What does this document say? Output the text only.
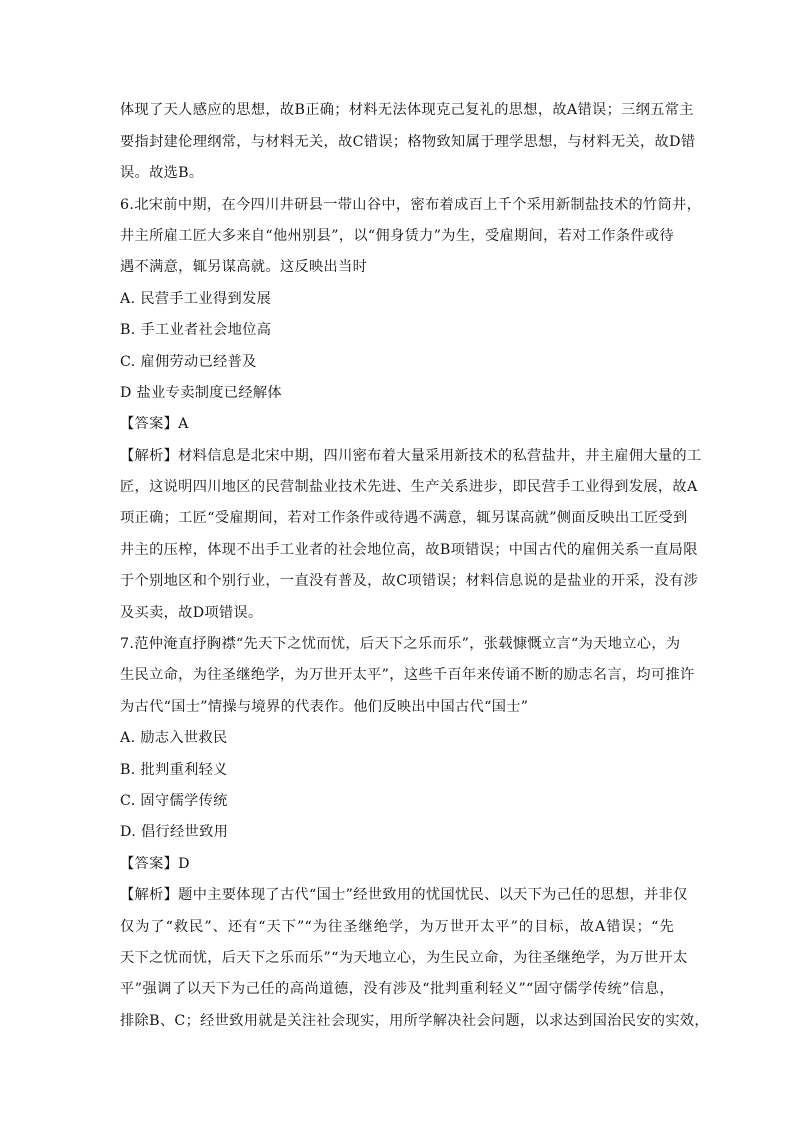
体现了天人感应的思想，故B正确；材料无法体现克己复礼的思想，故A错误；三纲五常主
要指封建伦理纲常，与材料无关，故C错误；格物致知属于理学思想，与材料无关，故D错
误。故选B。
6.北宋前中期，在今四川井研县一带山谷中，密布着成百上千个采用新制盐技术的竹筒井，
井主所雇工匠大多来自“他州别县”，以“佣身赁力”为生，受雇期间，若对工作条件或待
遇不满意，辄另谋高就。这反映出当时
A. 民营手工业得到发展
B. 手工业者社会地位高
C. 雇佣劳动已经普及
D 盐业专卖制度已经解体
【答案】A
【解析】材料信息是北宋中期，四川密布着大量采用新技术的私营盐井，井主雇佣大量的工
匠，这说明四川地区的民营制盐业技术先进、生产关系进步，即民营手工业得到发展，故A
项正确；工匠“受雇期间，若对工作条件或待遇不满意，辄另谋高就”侧面反映出工匠受到
井主的压榨，体现不出手工业者的社会地位高，故B项错误；中国古代的雇佣关系一直局限
于个别地区和个别行业，一直没有普及，故C项错误；材料信息说的是盐业的开采，没有涉
及买卖，故D项错误。
7.范仲淹直抒胸襟“先天下之忧而忧，后天下之乐而乐”，张载慷慨立言“为天地立心，为
生民立命，为往圣继绝学，为万世开太平”，这些千百年来传诵不断的励志名言，均可推许
为古代“国士”情操与境界的代表作。他们反映出中国古代“国士”
A. 励志入世救民
B. 批判重利轻义
C. 固守儒学传统
D. 倡行经世致用
【答案】D
【解析】题中主要体现了古代“国士”经世致用的忧国忧民、以天下为己任的思想，并非仅
仅为了“救民”、还有“天下”“为往圣继绝学，为万世开太平”的目标，故A错误；“先
天下之忧而忧，后天下之乐而乐”“为天地立心，为生民立命，为往圣继绝学，为万世开太
平”强调了以天下为己任的高尚道德，没有涉及“批判重利轻义”“固守儒学传统”信息，
排除B、C；经世致用就是关注社会现实，用所学解决社会问题，以求达到国治民安的实效，
